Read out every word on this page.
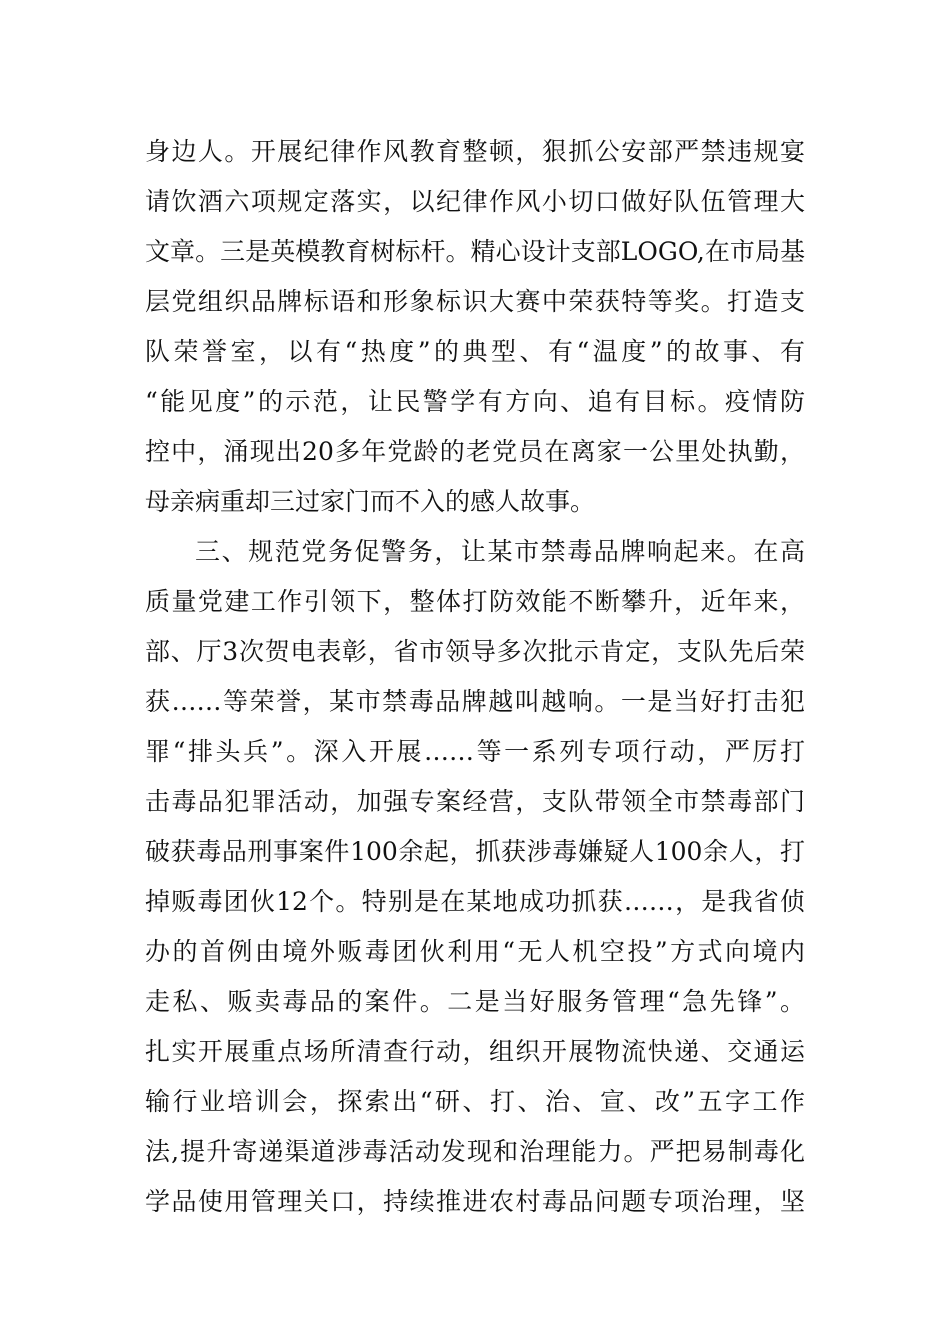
身边人。开展纪律作风教育整顿，狠抓公安部严禁违规宴
请饮酒六项规定落实，以纪律作风小切口做好队伍管理大
文章。三是英模教育树标杆。精心设计支部LOGO,在市局基
层党组织品牌标语和形象标识大赛中荣获特等奖。打造支
队荣誉室，以有“热度”的典型、有“温度”的故事、有
“能见度”的示范，让民警学有方向、追有目标。疫情防
控中，涌现出20多年党龄的老党员在离家一公里处执勤，
母亲病重却三过家门而不入的感人故事。
三、规范党务促警务，让某市禁毒品牌响起来。在高
质量党建工作引领下，整体打防效能不断攀升，近年来，
部、厅3次贺电表彰，省市领导多次批示肯定，支队先后荣
获……等荣誉，某市禁毒品牌越叫越响。一是当好打击犯
罪“排头兵”。深入开展……等一系列专项行动，严厉打
击毒品犯罪活动，加强专案经营，支队带领全市禁毒部门
破获毒品刑事案件100余起，抓获涉毒嫌疑人100余人，打
掉贩毒团伙12个。特别是在某地成功抓获……，是我省侦
办的首例由境外贩毒团伙利用“无人机空投”方式向境内
走私、贩卖毒品的案件。二是当好服务管理“急先锋”。
扎实开展重点场所清查行动，组织开展物流快递、交通运
输行业培训会，探索出“研、打、治、宣、改”五字工作
法,提升寄递渠道涉毒活动发现和治理能力。严把易制毒化
学品使用管理关口，持续推进农村毒品问题专项治理，坚
